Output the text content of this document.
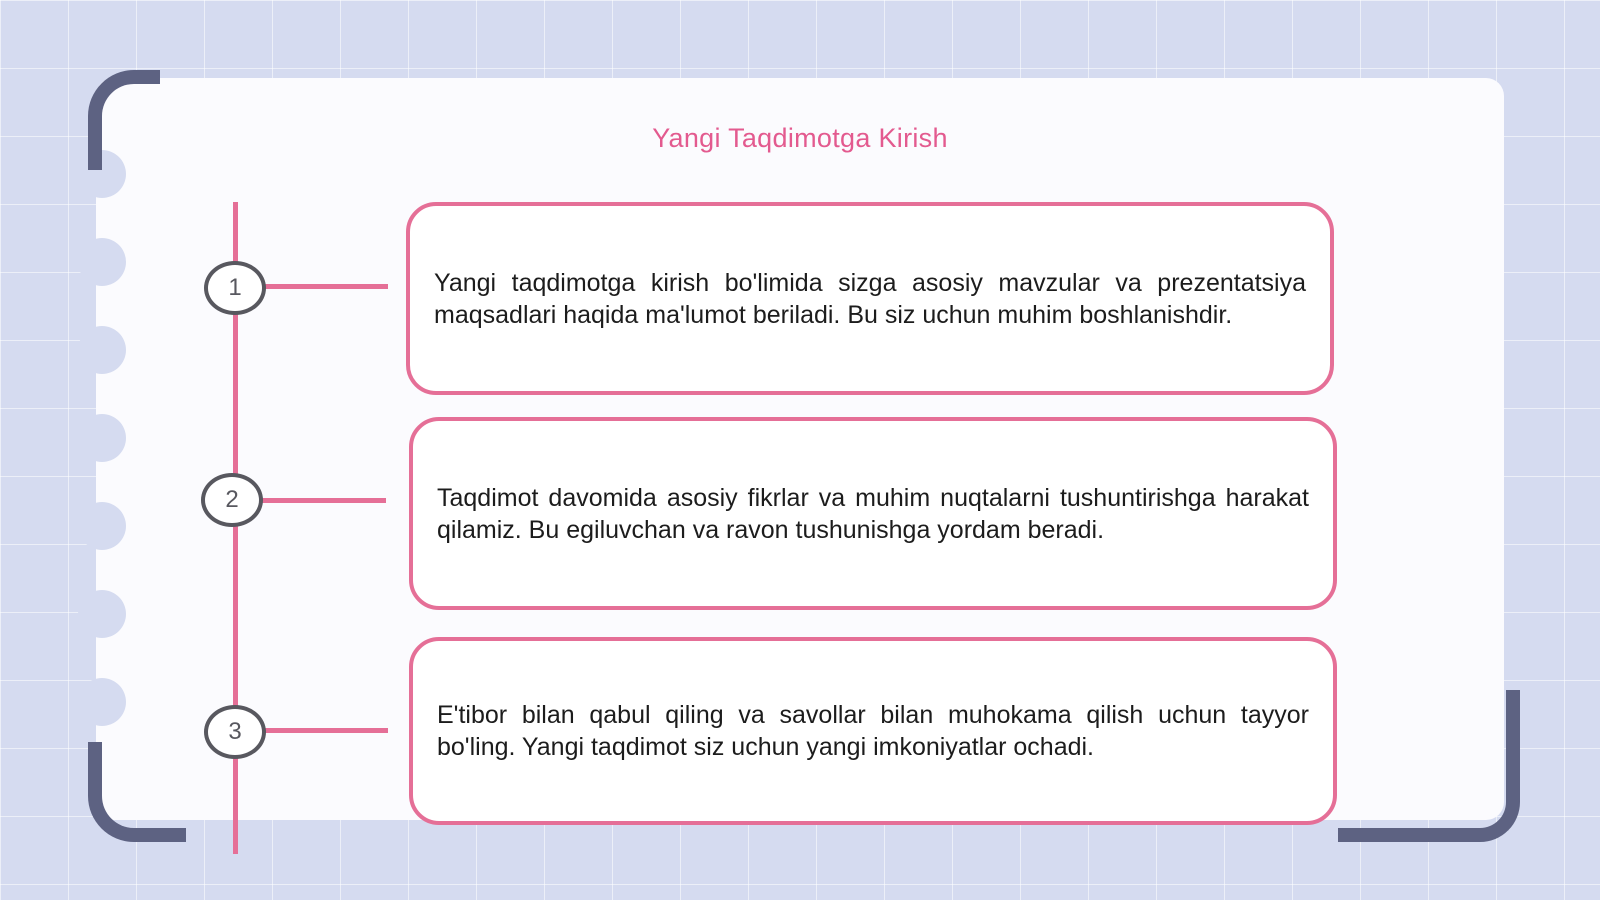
Yangi Taqdimotga Kirish
1
2
3

Yangi taqdimotga kirish bo'limida sizga asosiy mavzular va prezentatsiya maqsadlari haqida ma'lumot beriladi. Bu siz uchun muhim boshlanishdir.

Taqdimot davomida asosiy fikrlar va muhim nuqtalarni tushuntirishga harakat qilamiz. Bu egiluvchan va ravon tushunishga yordam beradi.

E'tibor bilan qabul qiling va savollar bilan muhokama qilish uchun tayyor bo'ling. Yangi taqdimot siz uchun yangi imkoniyatlar ochadi.
